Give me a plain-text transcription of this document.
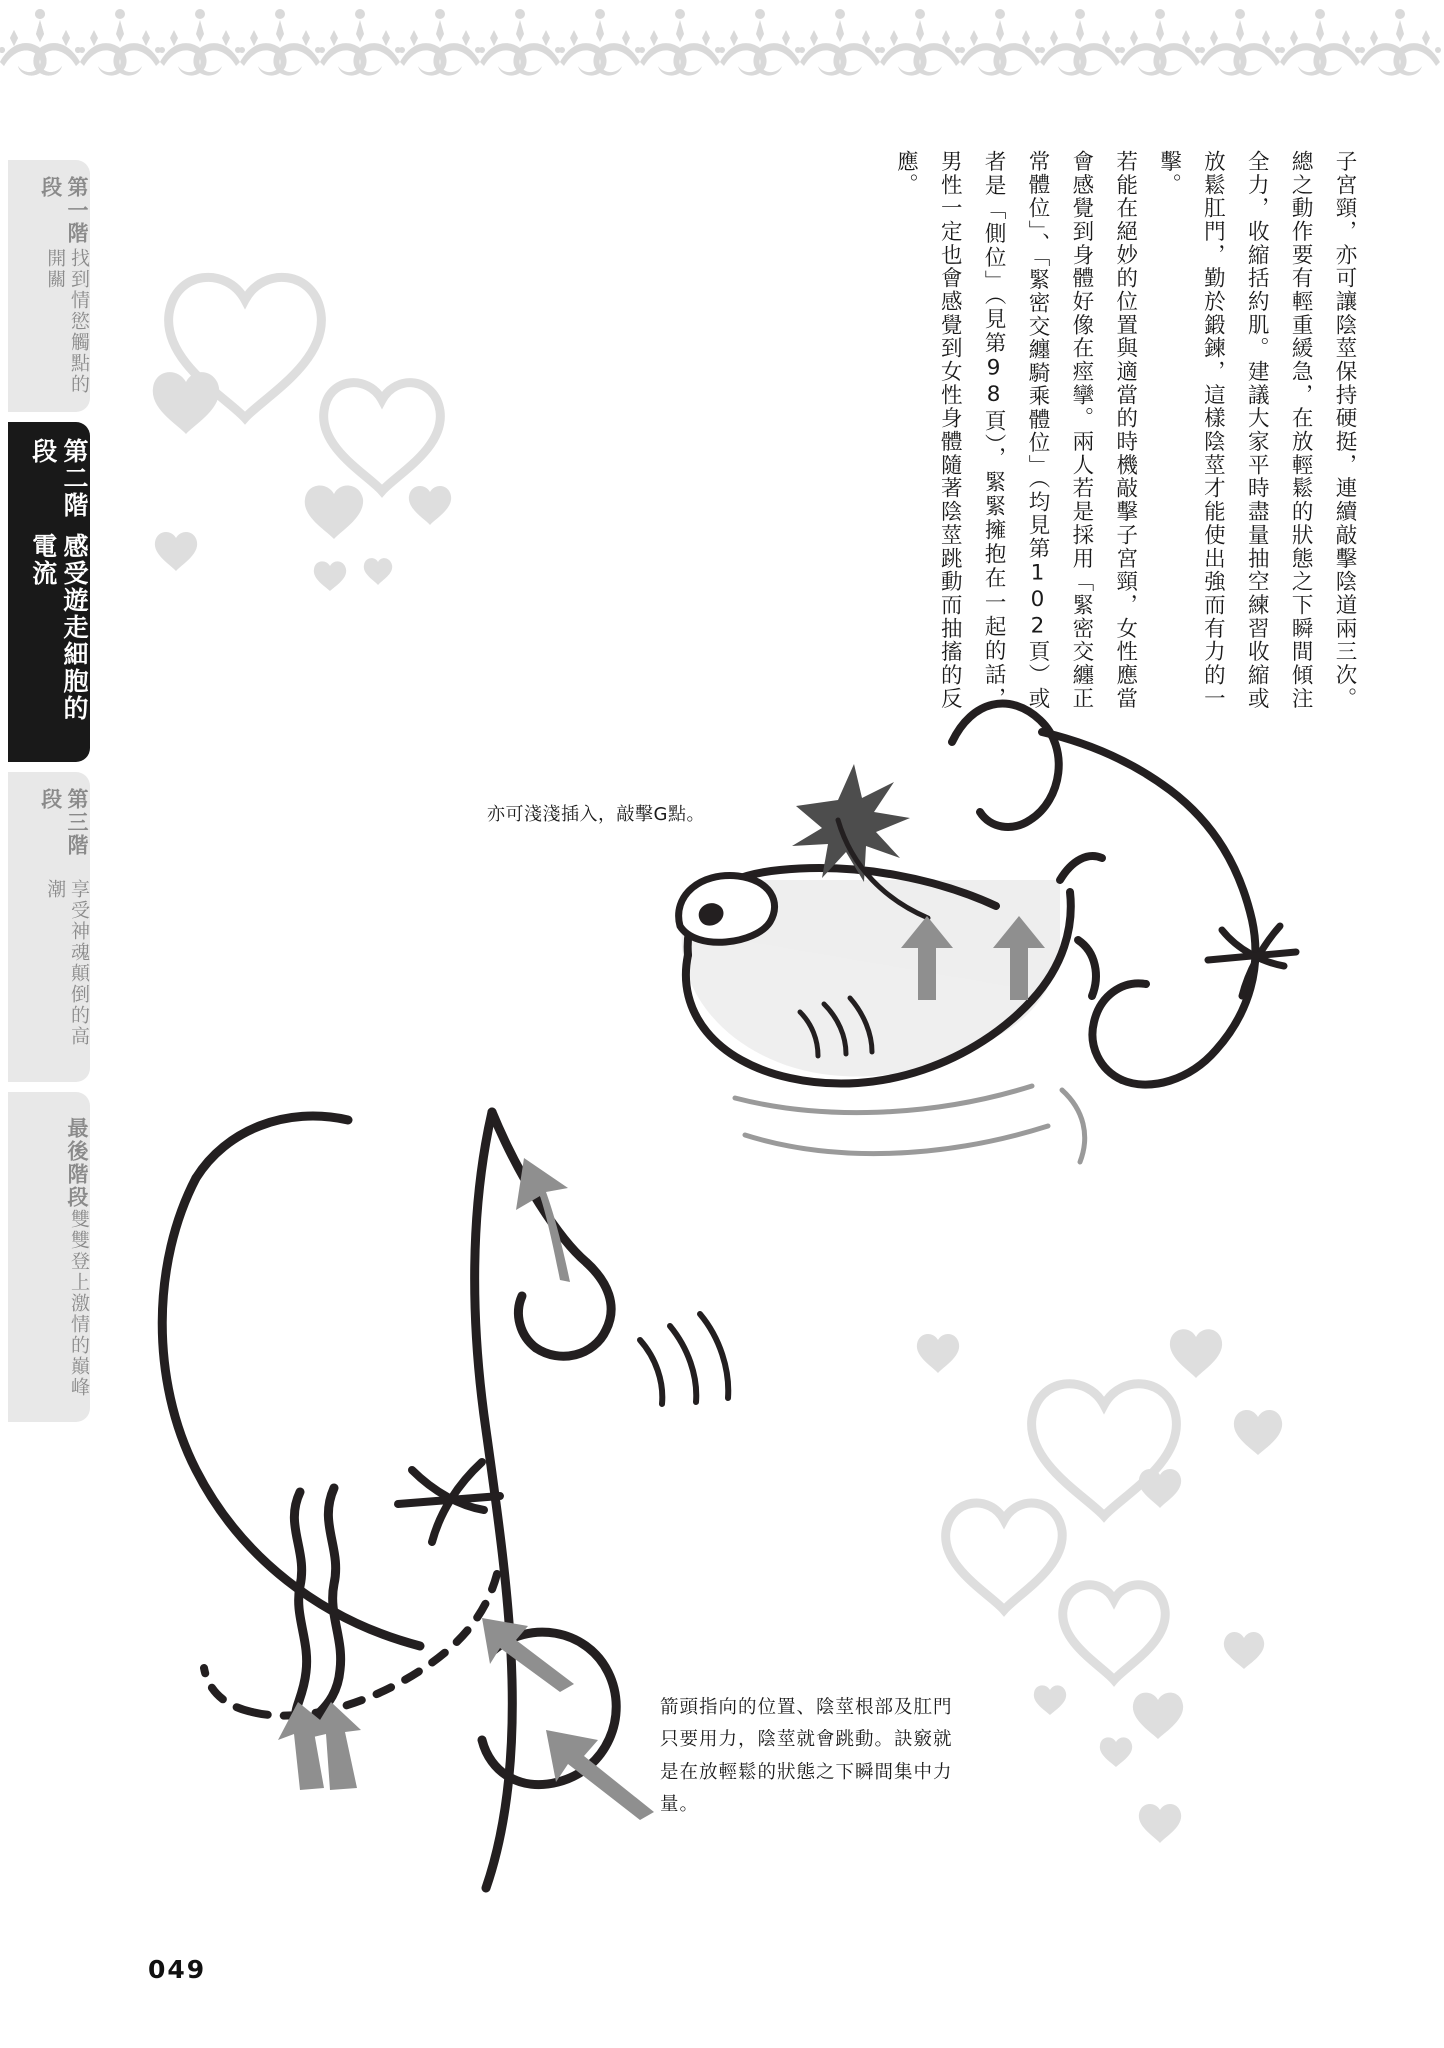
第一階段
找到情慾觸點的開關
第二階段
感受遊走細胞的電流
第三階段
享受神魂顛倒的高潮
最後階段
雙雙登上激情的巔峰

子宮頸，亦可讓陰莖保持硬挺，連續敲擊陰道兩三次。總之動作要有輕重緩急，在放輕鬆的狀態之下瞬間傾注全力，收縮括約肌。建議大家平時盡量抽空練習收縮或放鬆肛門，勤於鍛鍊，這樣陰莖才能使出強而有力的一擊。

若能在絕妙的位置與適當的時機敲擊子宮頸，女性應當會感覺到身體好像在痙攣。兩人若是採用「緊密交纏正常體位」、「緊密交纏騎乘體位」（均見第102頁）或者是「側位」（見第98頁），緊緊擁抱在一起的話，男性一定也會感覺到女性身體隨著陰莖跳動而抽搐的反應。

亦可淺淺插入，敲擊G點。
箭頭指向的位置、陰莖根部及肛門只要用力，陰莖就會跳動。訣竅就是在放輕鬆的狀態之下瞬間集中力量。
049
